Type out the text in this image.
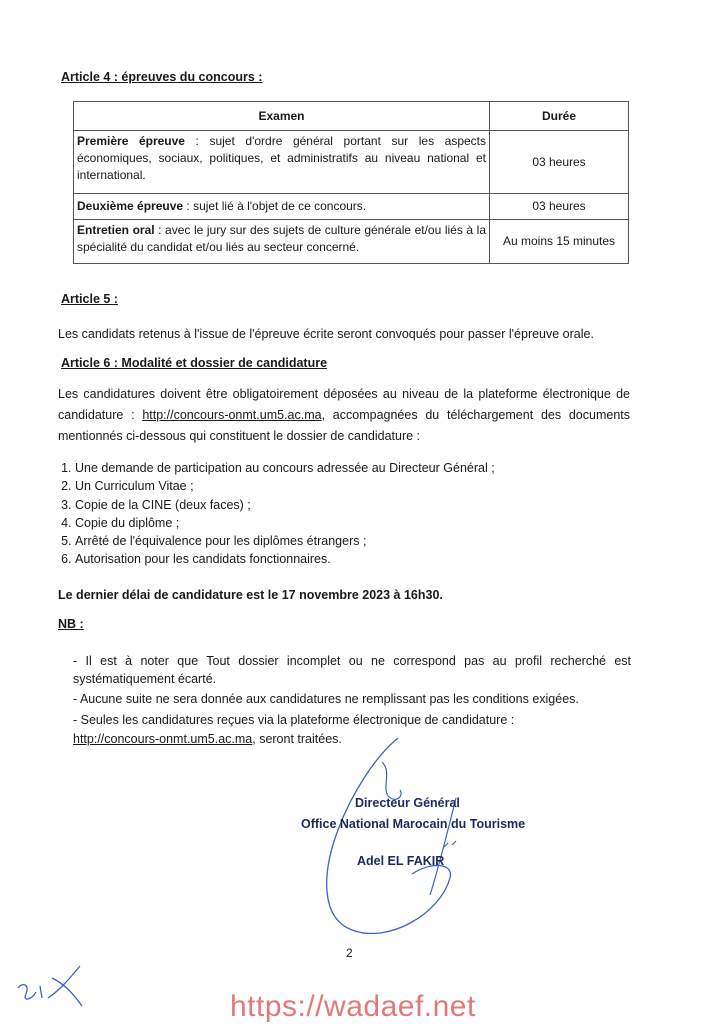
Article 4 : épreuves du concours :
Examen	Durée
Première épreuve : sujet d'ordre général portant sur les aspects économiques, sociaux, politiques, et administratifs au niveau national et international.	03 heures
Deuxième épreuve : sujet lié à l'objet de ce concours.	03 heures
Entretien oral : avec le jury sur des sujets de culture générale et/ou liés à la spécialité du candidat et/ou liés au secteur concerné.	Au moins 15 minutes
Article 5 :
Les candidats retenus à l'issue de l'épreuve écrite seront convoqués pour passer l'épreuve orale.
Article 6 : Modalité et dossier de candidature
Les candidatures doivent être obligatoirement déposées au niveau de la plateforme électronique de candidature : http://concours-onmt.um5.ac.ma, accompagnées du téléchargement des documents mentionnés ci-dessous qui constituent le dossier de candidature :
1. Une demande de participation au concours adressée au Directeur Général ;
2. Un Curriculum Vitae ;
3. Copie de la CINE (deux faces) ;
4. Copie du diplôme ;
5. Arrêté de l'équivalence pour les diplômes étrangers ;
6. Autorisation pour les candidats fonctionnaires.
Le dernier délai de candidature est le 17 novembre 2023 à 16h30.
NB :
- Il est à noter que Tout dossier incomplet ou ne correspond pas au profil recherché est systématiquement écarté.
- Aucune suite ne sera donnée aux candidatures ne remplissant pas les conditions exigées.
- Seules les candidatures reçues via la plateforme électronique de candidature :
http://concours-onmt.um5.ac.ma, seront traitées.
Directeur Général
Office National Marocain du Tourisme
Adel EL FAKIR
2
https://wadaef.net
